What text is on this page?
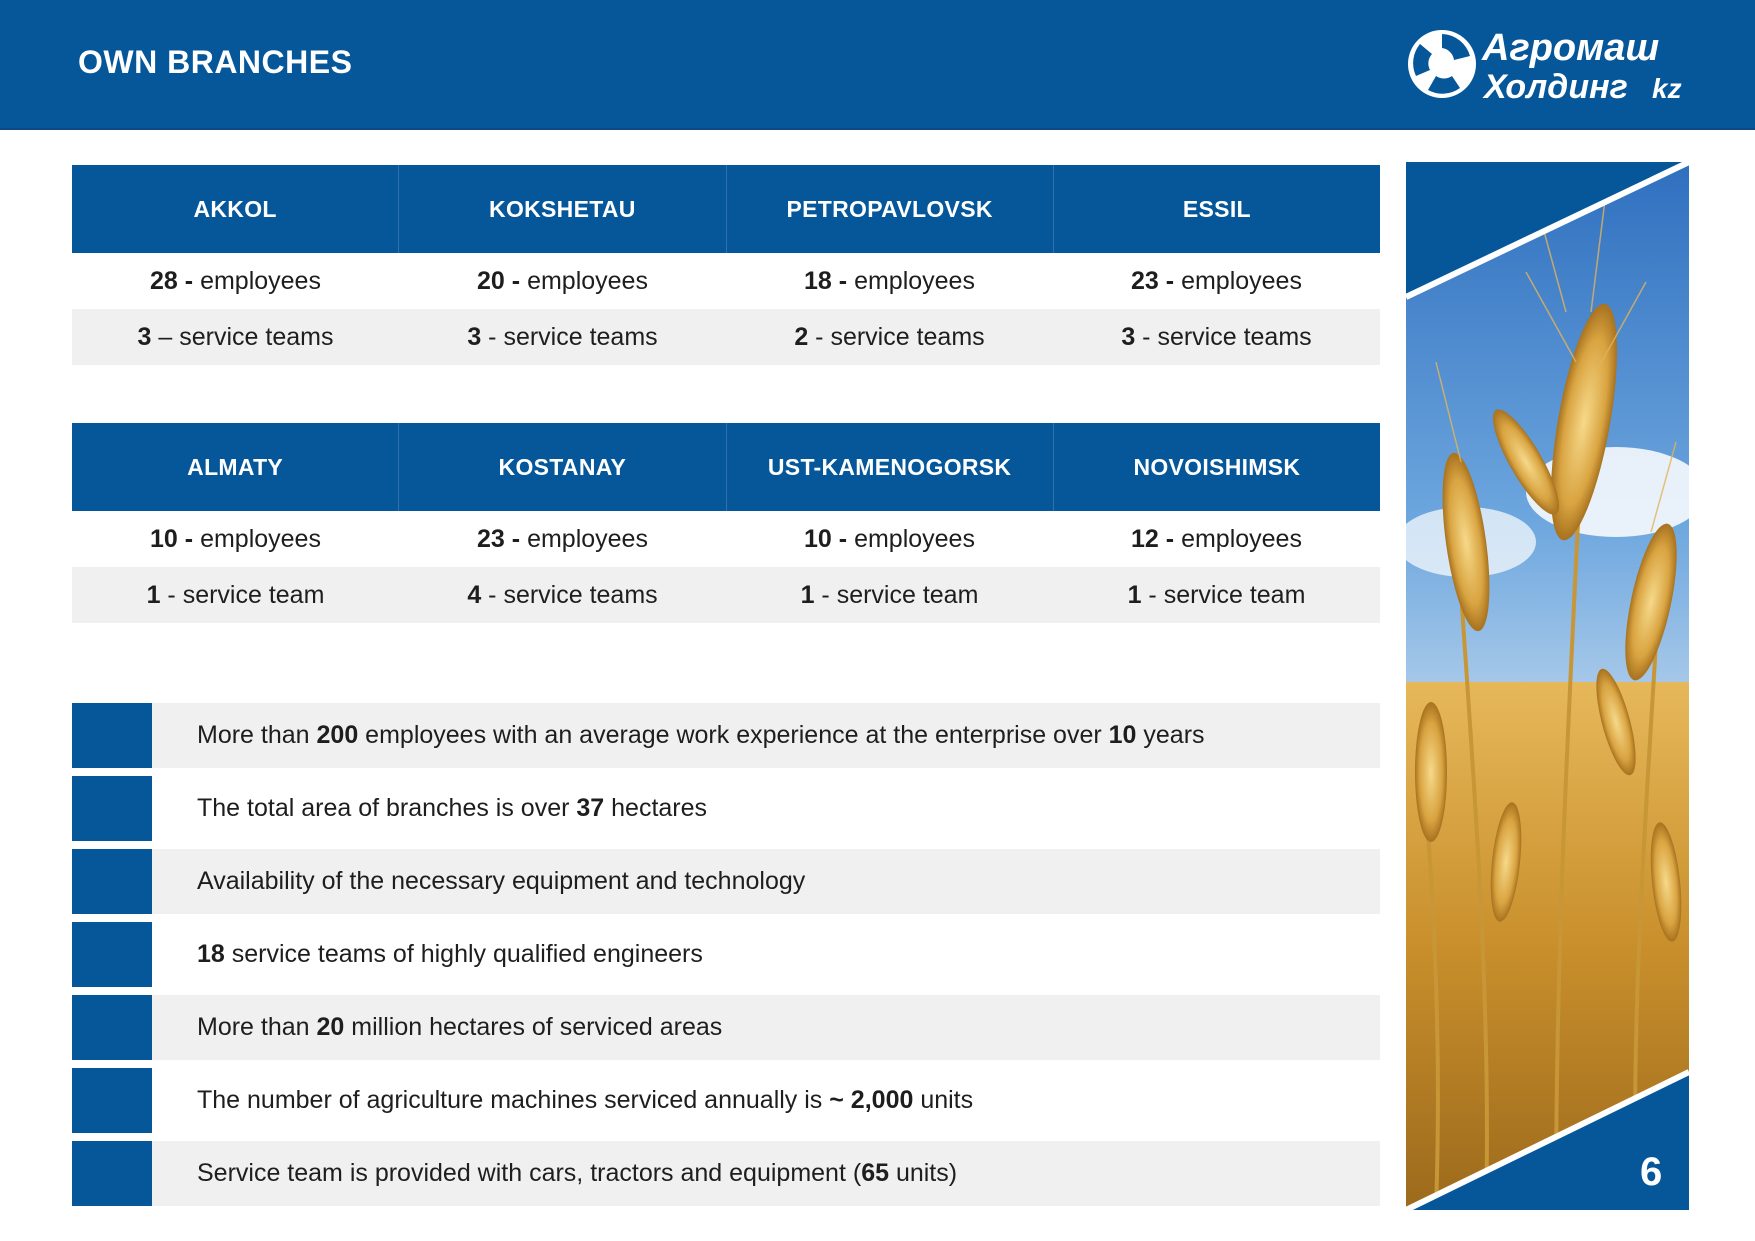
OWN BRANCHES	Агромаш
Холдинг kz
AKKOL	KOKSHETAU	PETROPAVLOVSK	ESSIL
28 - employees	20 - employees	18 - employees	23 - employees
3 – service teams	3 - service teams	2 - service teams	3 - service teams
ALMATY	KOSTANAY	UST-KAMENOGORSK	NOVOISHIMSK
10 - employees	23 - employees	10 - employees	12 - employees
1 - service team	4 - service teams	1 - service team	1 - service team
More than 200 employees with an average work experience at the enterprise over 10 years
The total area of branches is over 37 hectares
Availability of the necessary equipment and technology
18 service teams of highly qualified engineers
More than 20 million hectares of serviced areas
The number of agriculture machines serviced annually is ~ 2,000 units
Service team is provided with cars, tractors and equipment ( 65 units)	6
